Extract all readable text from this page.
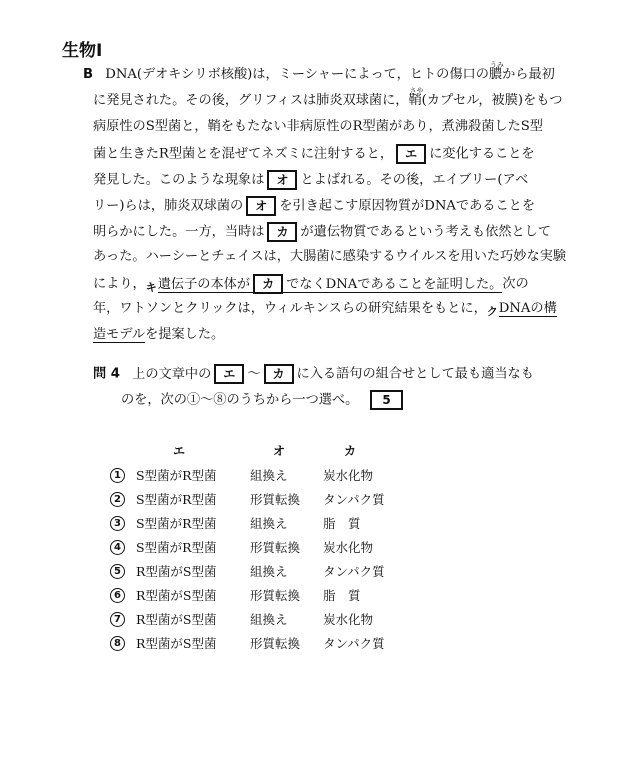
生物Ⅰ
B DNA(デオキシリボ核酸)は，ミーシャーによって，ヒトの傷口の
うみ
膿から最初
に発見された。その後，グリフィスは肺炎双球菌に，
さや
鞘(カプセル，被膜)をもつ
病原性のS型菌と，鞘をもたない非病原性のR型菌があり，煮沸殺菌したS型
菌と生きたR型菌とを混ぜてネズミに注射すると， エ に変化することを
発見した。このような現象は オ とよばれる。その後，エイブリー(アベ
リー)らは，肺炎双球菌の オ を引き起こす原因物質がDNAであることを
明らかにした。一方，当時は カ が遺伝物質であるという考えも依然として
あった。ハーシーとチェイスは，大腸菌に感染するウイルスを用いた巧妙な実験
により，$_キ$遺伝子の本体が カ でなくDNAであることを証明した。次の
年，ワトソンとクリックは，ウィルキンスらの研究結果をもとに，$_ク$DNAの構
造モデルを提案した。
問 4 上の文章中の エ ～ カ に入る語句の組合せとして最も適当なも
のを，次の①～⑧のうちから一つ選べ。 5
エ	オ	カ
1	S型菌がR型菌	組換え	炭水化物
2	S型菌がR型菌	形質転換 タンパク質
3	S型菌がR型菌	組換え	脂　質
4	S型菌がR型菌	形質転換 炭水化物
5	R型菌がS型菌	組換え	タンパク質
6	R型菌がS型菌	形質転換 脂　質
7	R型菌がS型菌	組換え	炭水化物
8	R型菌がS型菌	形質転換 タンパク質
